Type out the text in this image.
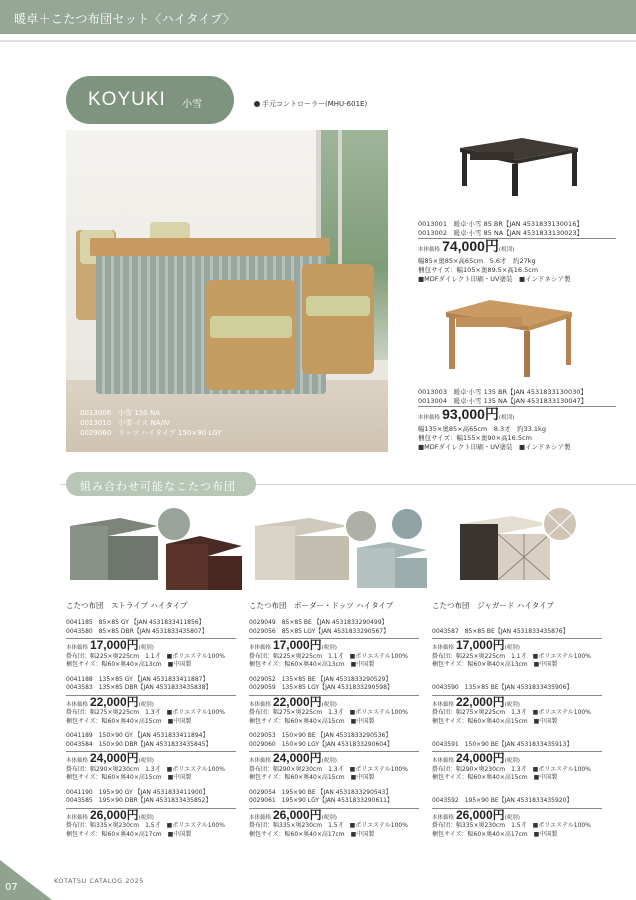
暖卓＋こたつ布団セット〈ハイタイプ〉
KOYUKI 小雪	手元コントローラー(MHU-601E)
0013006　小雪 150 NA
0013010　小雪·イス NA/IV
0029060　ドッツ ハイタイプ 150×90 LGY
0013001　暖卓·小雪 85 BR【JAN 4531833130016】
0013002　暖卓·小雪 85 NA【JAN 4531833130023】
本体価格 74,000円(税別)
幅85×奥85×高65cm　5.6才　約27kg
梱包サイズ：幅105×奥89.5×高16.5cm
■MDFダイレクト印刷・UV塗装　■インドネシア製
0013003　暖卓·小雪 135 BR【JAN 4531833130030】
0013004　暖卓·小雪 135 NA【JAN 4531833130047】
本体価格 93,000円(税別)
幅135×奥85×高65cm　8.3才　約33.1kg
梱包サイズ：幅155×奥90×高16.5cm
■MDFダイレクト印刷・UV塗装　■インドネシア製
組み合わせ可能なこたつ布団
こたつ布団　ストライプ ハイタイプ
0041185　85×85 GY 【JAN 4531833411856】
0043580　85×85 DBR【JAN 4531833435807】
本体価格 17,000円(税別)
掛布団：幅225×奥225cm　1.1才　■ポリエステル100%
梱包サイズ：幅60×奥40×高13cm　■中国製
0041188　135×85 GY 【JAN 4531833411887】
0043583　135×85 DBR【JAN 4531833435838】
本体価格 22,000円(税別)
掛布団：幅275×奥225cm　1.3才　■ポリエステル100%
梱包サイズ：幅60×奥40×高15cm　■中国製
0041189　150×90 GY 【JAN 4531833411894】
0043584　150×90 DBR【JAN 4531833435845】
本体価格 24,000円(税別)
掛布団：幅290×奥230cm　1.3才　■ポリエステル100%
梱包サイズ：幅60×奥40×高15cm　■中国製
0041190　195×90 GY 【JAN 4531833411900】
0043585　195×90 DBR【JAN 4531833435852】
本体価格 26,000円(税別)
掛布団：幅335×奥230cm　1.5才　■ポリエステル100%
梱包サイズ：幅60×奥40×高17cm　■中国製
こたつ布団　ボーダー・ドッツ ハイタイプ
0029049　85×85 BE 【JAN 4531833290499】
0029056　85×85 LGY【JAN 4531833290567】
本体価格 17,000円(税別)
掛布団：幅225×奥225cm　1.1才　■ポリエステル100%
梱包サイズ：幅60×奥40×高13cm　■中国製
0029052　135×85 BE 【JAN 4531833290529】
0029059　135×85 LGY【JAN 4531833290598】
本体価格 22,000円(税別)
掛布団：幅275×奥225cm　1.3才　■ポリエステル100%
梱包サイズ：幅60×奥40×高15cm　■中国製
0029053　150×90 BE 【JAN 4531833290536】
0029060　150×90 LGY【JAN 4531833290604】
本体価格 24,000円(税別)
掛布団：幅290×奥230cm　1.3才　■ポリエステル100%
梱包サイズ：幅60×奥40×高15cm　■中国製
0029054　195×90 BE 【JAN 4531833290543】
0029061　195×90 LGY【JAN 4531833290611】
本体価格 26,000円(税別)
掛布団：幅335×奥230cm　1.5才　■ポリエステル100%
梱包サイズ：幅60×奥40×高17cm　■中国製
こたつ布団　ジャガード ハイタイプ
0043587　85×85 BE【JAN 4531833435876】
本体価格 17,000円(税別)
掛布団：幅225×奥225cm　1.1才　■ポリエステル100%
梱包サイズ：幅60×奥40×高13cm　■中国製
0043590　135×85 BE【JAN 4531833435906】
本体価格 22,000円(税別)
掛布団：幅275×奥225cm　1.3才　■ポリエステル100%
梱包サイズ：幅60×奥40×高15cm　■中国製
0043591　150×90 BE【JAN 4531833435913】
本体価格 24,000円(税別)
掛布団：幅290×奥230cm　1.3才　■ポリエステル100%
梱包サイズ：幅60×奥40×高15cm　■中国製
0043592　195×90 BE【JAN 4531833435920】
本体価格 26,000円(税別)
掛布団：幅335×奥230cm　1.5才　■ポリエステル100%
梱包サイズ：幅60×奥40×高17cm　■中国製
07
KOTATSU CATALOG 2025
